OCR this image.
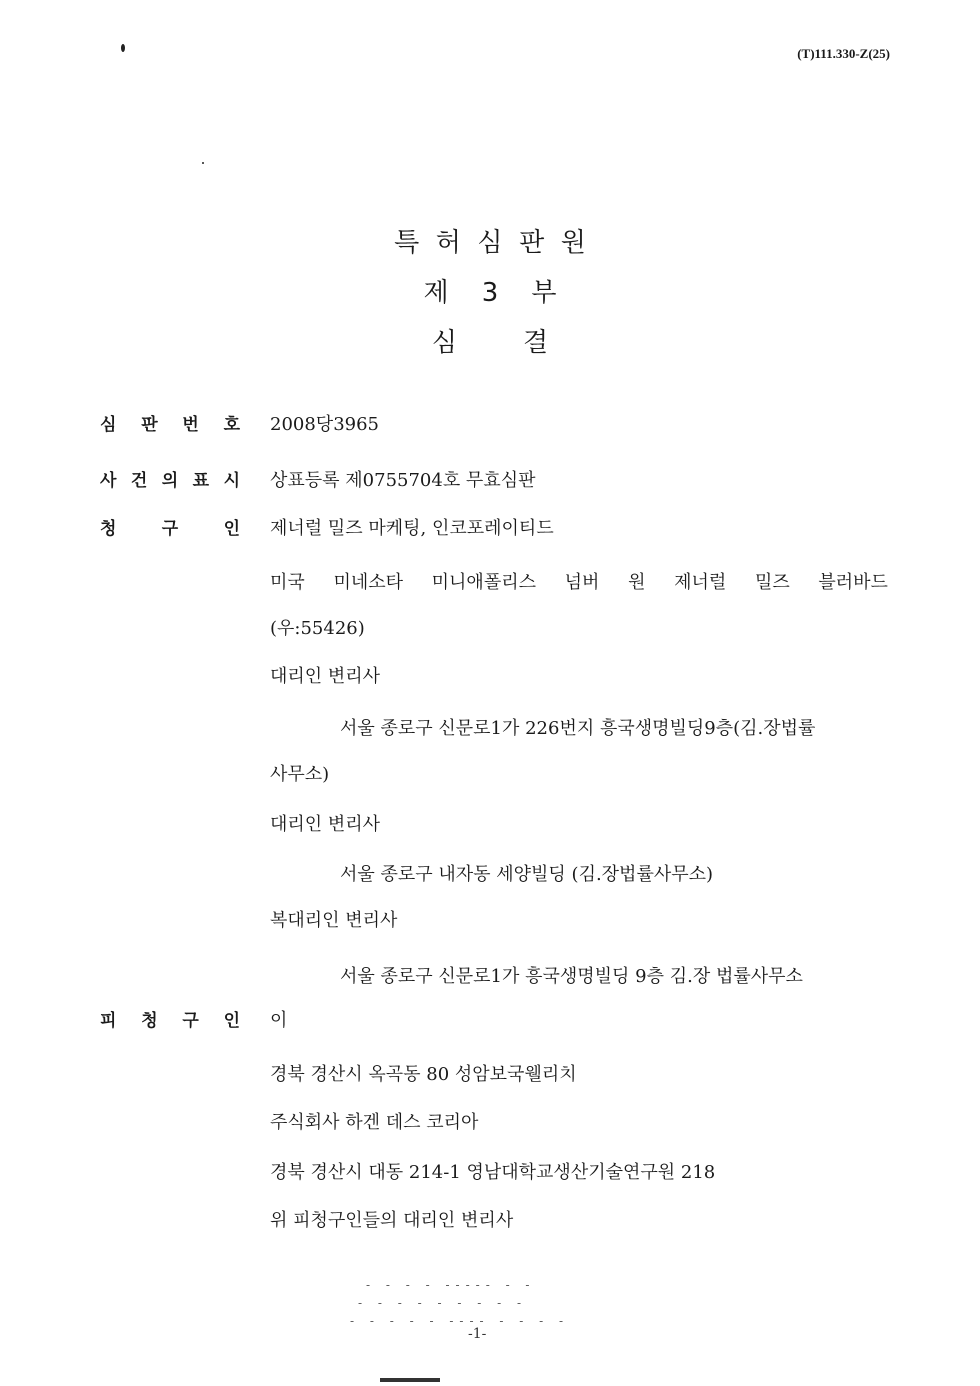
(T)111.330-Z(25)
특  허  심  판  원
제    3    부
심        결
심 판 번 호 2008당3965
사 건 의 표 시 상표등록 제0755704호 무효심판
청	구	인 제너럴 밀즈 마케팅, 인코포레이티드
미국 미네소타 미니애폴리스 넘버 원 제너럴 밀즈 블러바드
(우:55426)
대리인 변리사
서울 종로구 신문로1가 226번지 흥국생명빌딩9층(김.장법률
사무소)
대리인 변리사
서울 종로구 내자동 세양빌딩 (김.장법률사무소)
복대리인 변리사
서울 종로구 신문로1가 흥국생명빌딩 9층 김.장 법률사무소
피 청 구 인 이
경북 경산시 옥곡동 80 성암보국웰리치
주식회사 하겐 데스 코리아
경북 경산시 대동 214-1 영남대학교생산기술연구원 218
위 피청구인들의 대리인 변리사
- - - - ----- - -
- - - - - - - - -
- - - - - ---- - - - -
-1-
